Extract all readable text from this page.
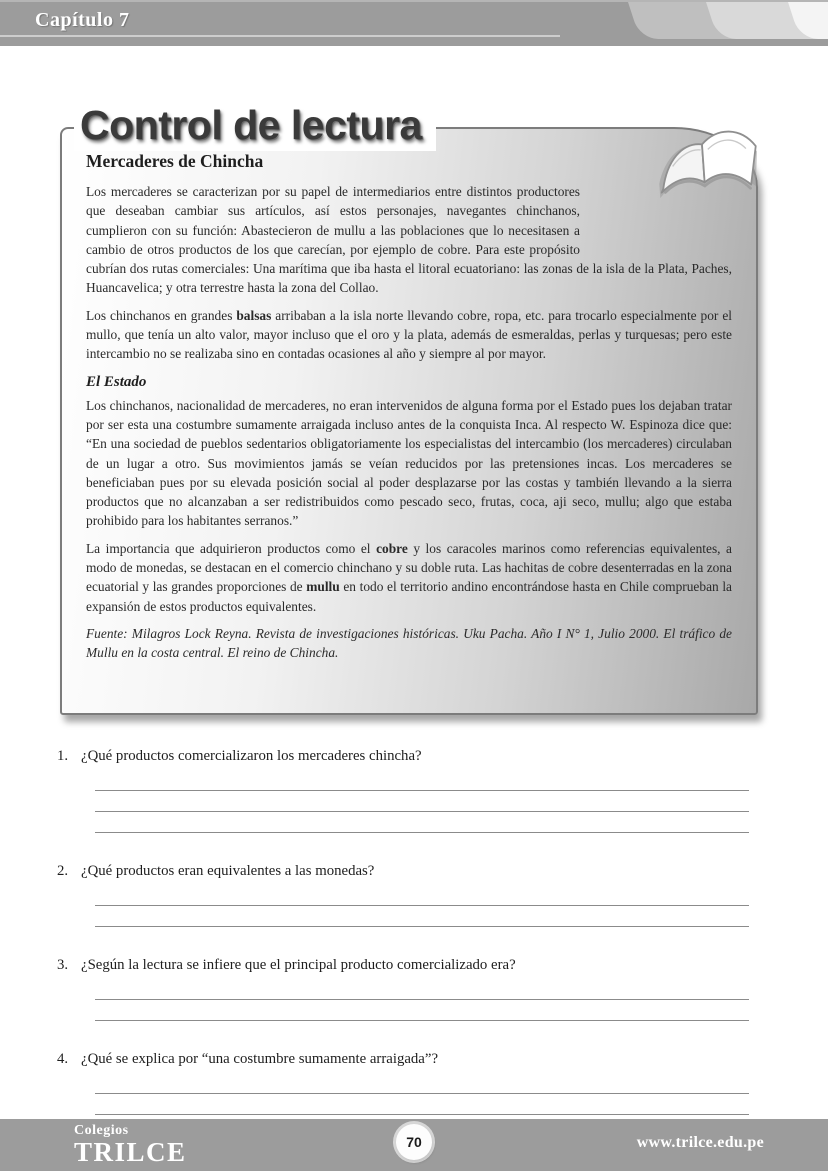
Capítulo 7
Control de lectura
Mercaderes de Chincha

Los mercaderes se caracterizan por su papel de intermediarios entre distintos productores que deseaban cambiar sus artículos, así estos personajes, navegantes chinchanos, cumplieron con su función: Abastecieron de mullu a las poblaciones que lo necesitasen a cambio de otros productos de los que carecían, por ejemplo de cobre. Para este propósito cubrían dos rutas comerciales: Una marítima que iba hasta el litoral ecuatoriano: las zonas de la isla de la Plata, Paches, Huancavelica; y otra terrestre hasta la zona del Collao.

Los chinchanos en grandes balsas arribaban a la isla norte llevando cobre, ropa, etc. para trocarlo especialmente por el mullo, que tenía un alto valor, mayor incluso que el oro y la plata, además de esmeraldas, perlas y turquesas; pero este intercambio no se realizaba sino en contadas ocasiones al año y siempre al por mayor.

El Estado

Los chinchanos, nacionalidad de mercaderes, no eran intervenidos de alguna forma por el Estado pues los dejaban tratar por ser esta una costumbre sumamente arraigada incluso antes de la conquista Inca. Al respecto W. Espinoza dice que: “En una sociedad de pueblos sedentarios obligatoriamente los especialistas del intercambio (los mercaderes) circulaban de un lugar a otro. Sus movimientos jamás se veían reducidos por las pretensiones incas. Los mercaderes se beneficiaban pues por su elevada posición social al poder desplazarse por las costas y también llevando a la sierra productos que no alcanzaban a ser redistribuidos como pescado seco, frutas, coca, aji seco, mullu; algo que estaba prohibido para los habitantes serranos.”

La importancia que adquirieron productos como el cobre y los caracoles marinos como referencias equivalentes, a modo de monedas, se destacan en el comercio chinchano y su doble ruta. Las hachitas de cobre desenterradas en la zona ecuatorial y las grandes proporciones de mullu en todo el territorio andino encontrándose hasta en Chile comprueban la expansión de estos productos equivalentes.

Fuente: Milagros Lock Reyna. Revista de investigaciones históricas. Uku Pacha. Año I N° 1, Julio 2000. El tráfico de Mullu en la costa central. El reino de Chincha.

1. ¿Qué productos comercializaron los mercaderes chincha?
2. ¿Qué productos eran equivalentes a las monedas?
3. ¿Según la lectura se infiere que el principal producto comercializado era?
4. ¿Qué se explica por “una costumbre sumamente arraigada”?
Colegios
TRILCE	70	www.trilce.edu.pe
